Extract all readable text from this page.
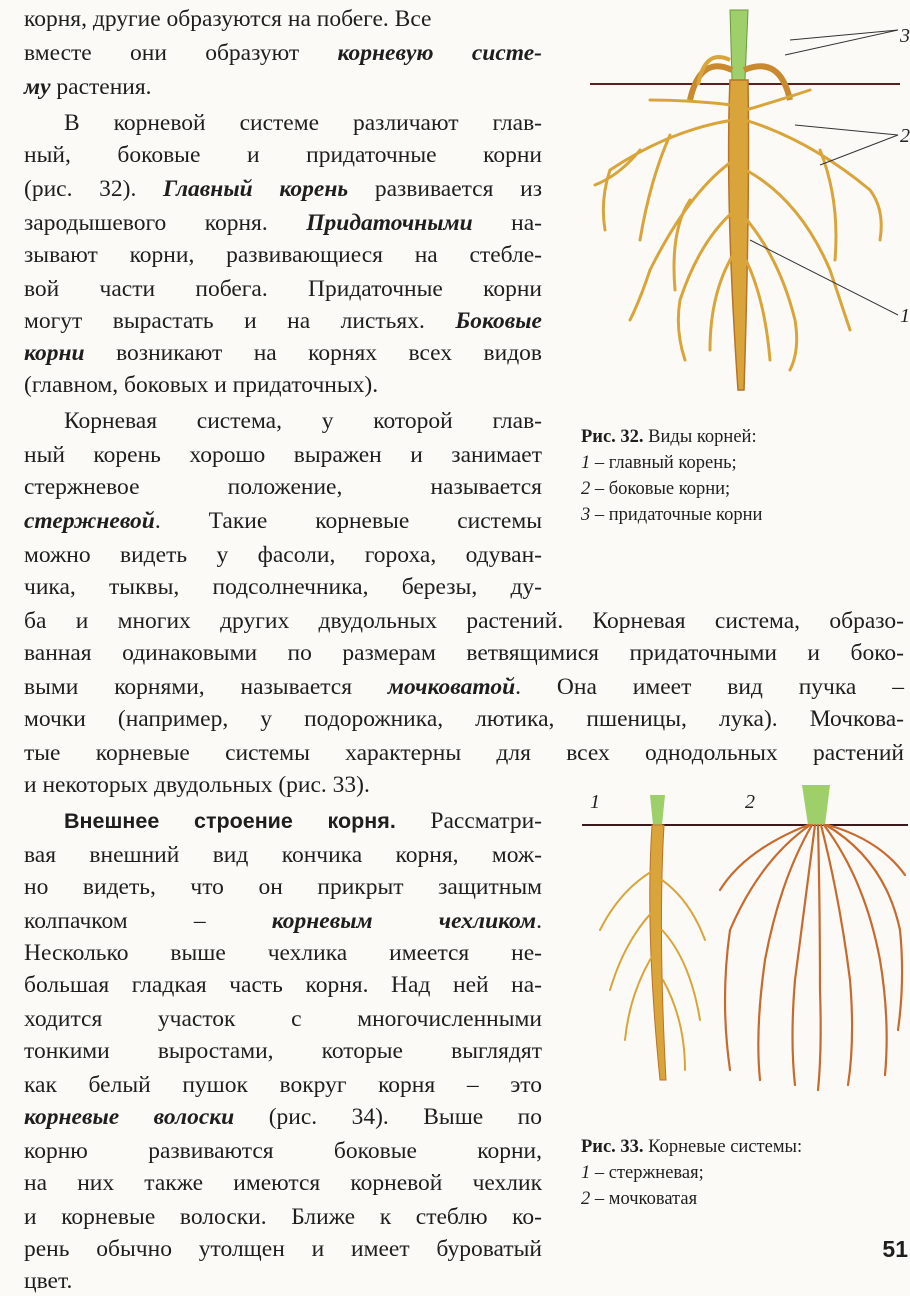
корня, другие образуются на побеге. Все
вместе они образуют корневую систе-
му растения.
В корневой системе различают глав-
ный, боковые и придаточные корни
(рис. 32). Главный корень развивается из
зародышевого корня. Придаточными на-
зывают корни, развивающиеся на стебле-
вой части побега. Придаточные корни
могут вырастать и на листьях. Боковые
корни возникают на корнях всех видов
(главном, боковых и придаточных).
Корневая система, у которой глав-
ный корень хорошо выражен и занимает
стержневое положение, называется
стержневой. Такие корневые системы
можно видеть у фасоли, гороха, одуван-
чика, тыквы, подсолнечника, березы, ду-
ба и многих других двудольных растений. Корневая система, образо-
ванная одинаковыми по размерам ветвящимися придаточными и боко-
выми корнями, называется мочковатой. Она имеет вид пучка –
мочки (например, у подорожника, лютика, пшеницы, лука). Мочкова-
тые корневые системы характерны для всех однодольных растений
и некоторых двудольных (рис. 33).
Внешнее строение корня. Рассматри-
вая внешний вид кончика корня, мож-
но видеть, что он прикрыт защитным
колпачком – корневым чехликом.
Несколько выше чехлика имеется не-
большая гладкая часть корня. Над ней на-
ходится участок с многочисленными
тонкими выростами, которые выглядят
как белый пушок вокруг корня – это
корневые волоски (рис. 34). Выше по
корню развиваются боковые корни,
на них также имеются корневой чехлик
и корневые волоски. Ближе к стеблю ко-
рень обычно утолщен и имеет буроватый
цвет.
3
2
1
Рис. 32. Виды корней:
1 – главный корень;
2 – боковые корни;
3 – придаточные корни
1	2
Рис. 33. Корневые системы:
1 – стержневая;
2 – мочковатая
51
